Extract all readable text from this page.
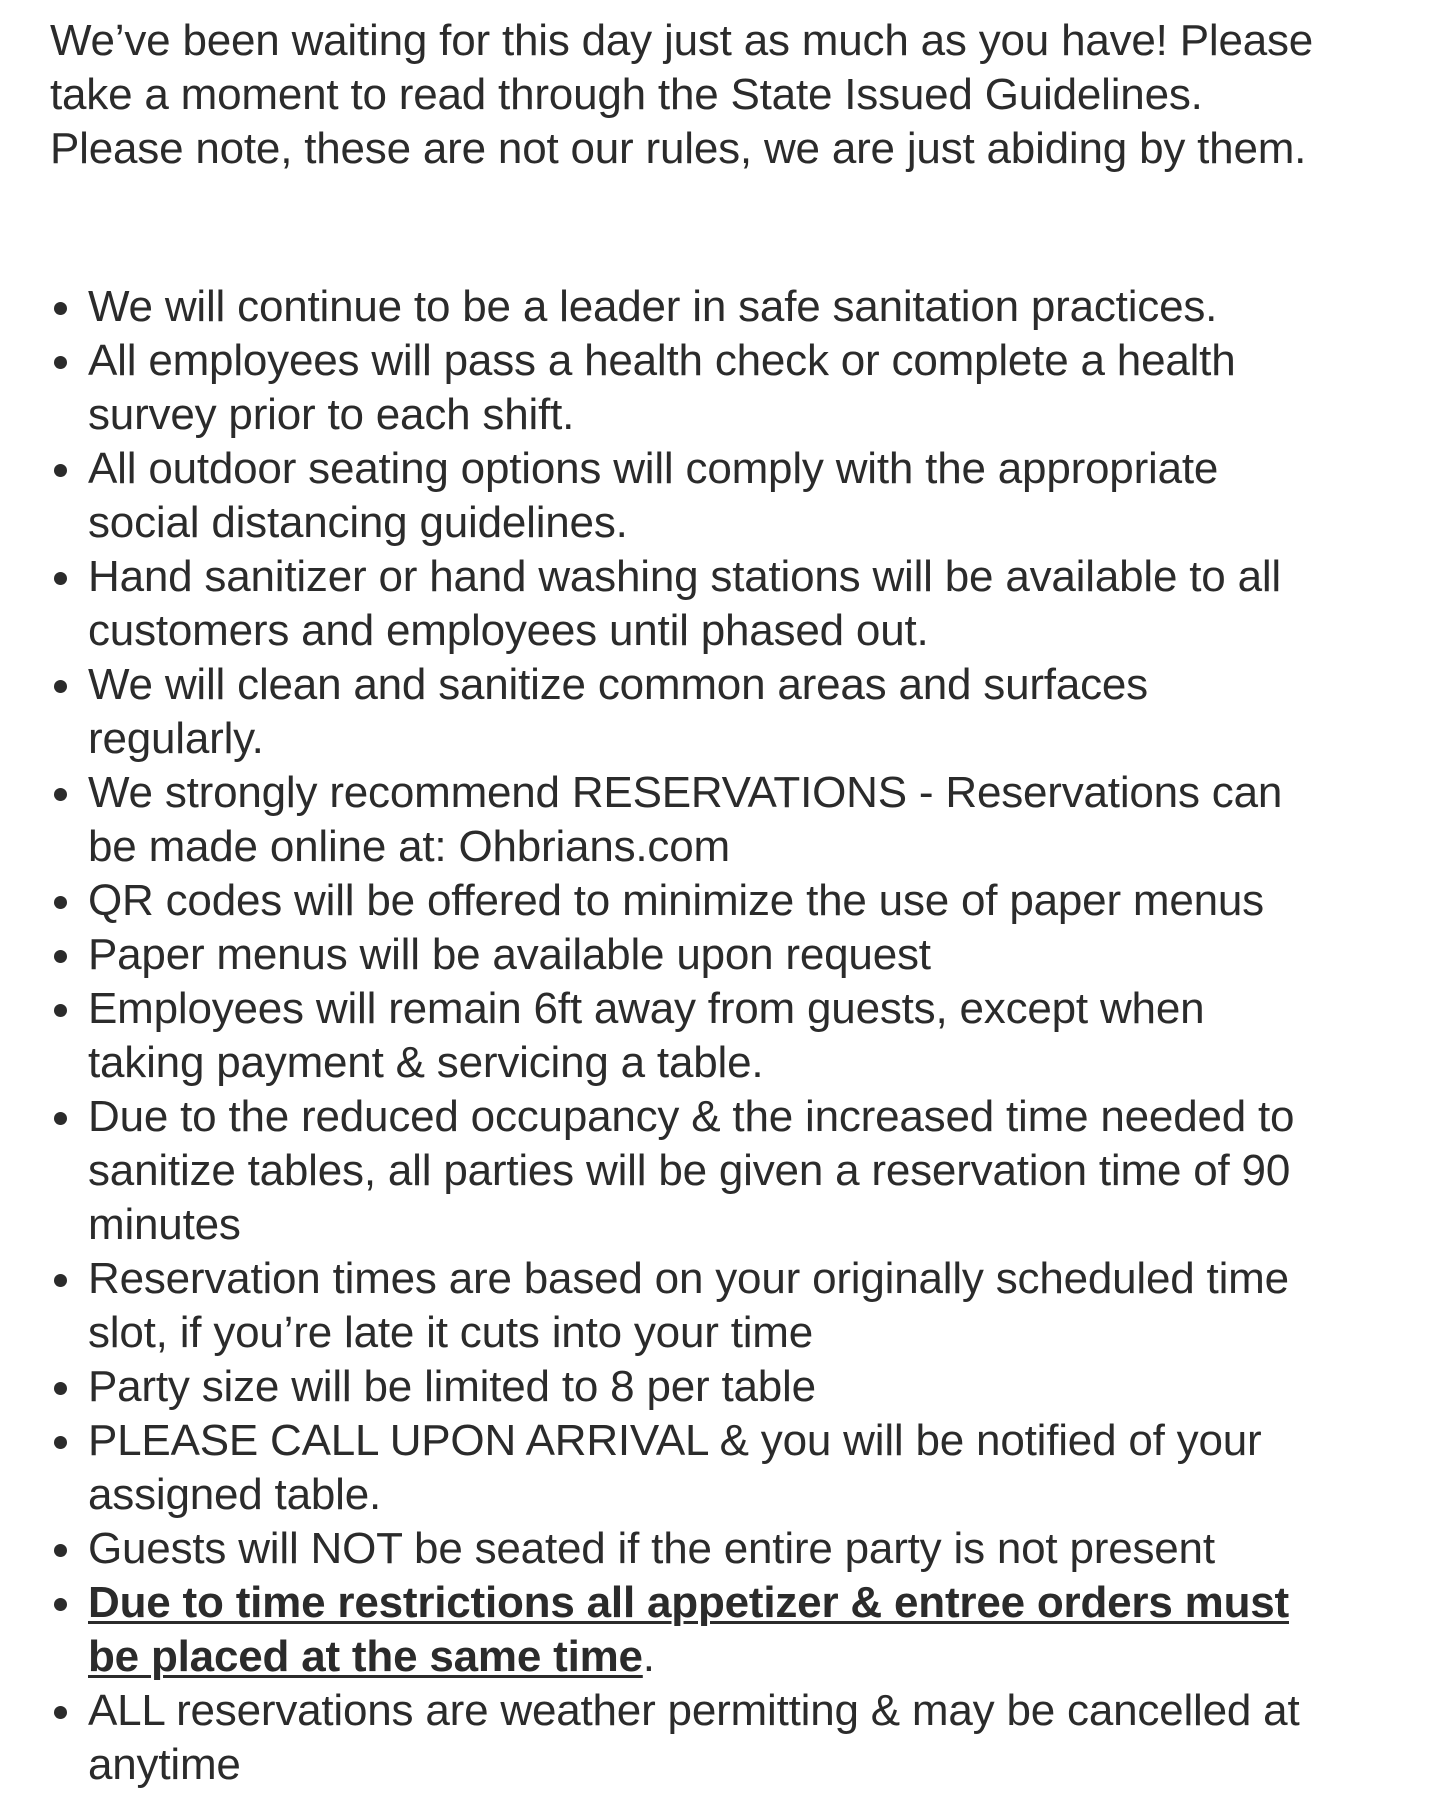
We’ve been waiting for this day just as much as you have! Please
take a moment to read through the State Issued Guidelines.
Please note, these are not our rules, we are just abiding by them.

We will continue to be a leader in safe sanitation practices.
All employees will pass a health check or complete a health
survey prior to each shift.
All outdoor seating options will comply with the appropriate
social distancing guidelines.
Hand sanitizer or hand washing stations will be available to all
customers and employees until phased out.
We will clean and sanitize common areas and surfaces
regularly.
We strongly recommend RESERVATIONS - Reservations can
be made online at: Ohbrians.com
QR codes will be offered to minimize the use of paper menus
Paper menus will be available upon request
Employees will remain 6ft away from guests, except when
taking payment & servicing a table.
Due to the reduced occupancy & the increased time needed to
sanitize tables, all parties will be given a reservation time of 90
minutes
Reservation times are based on your originally scheduled time
slot, if you’re late it cuts into your time
Party size will be limited to 8 per table
PLEASE CALL UPON ARRIVAL & you will be notified of your
assigned table.
Guests will NOT be seated if the entire party is not present
Due to time restrictions all appetizer & entree orders must
be placed at the same time.
ALL reservations are weather permitting & may be cancelled at
anytime
